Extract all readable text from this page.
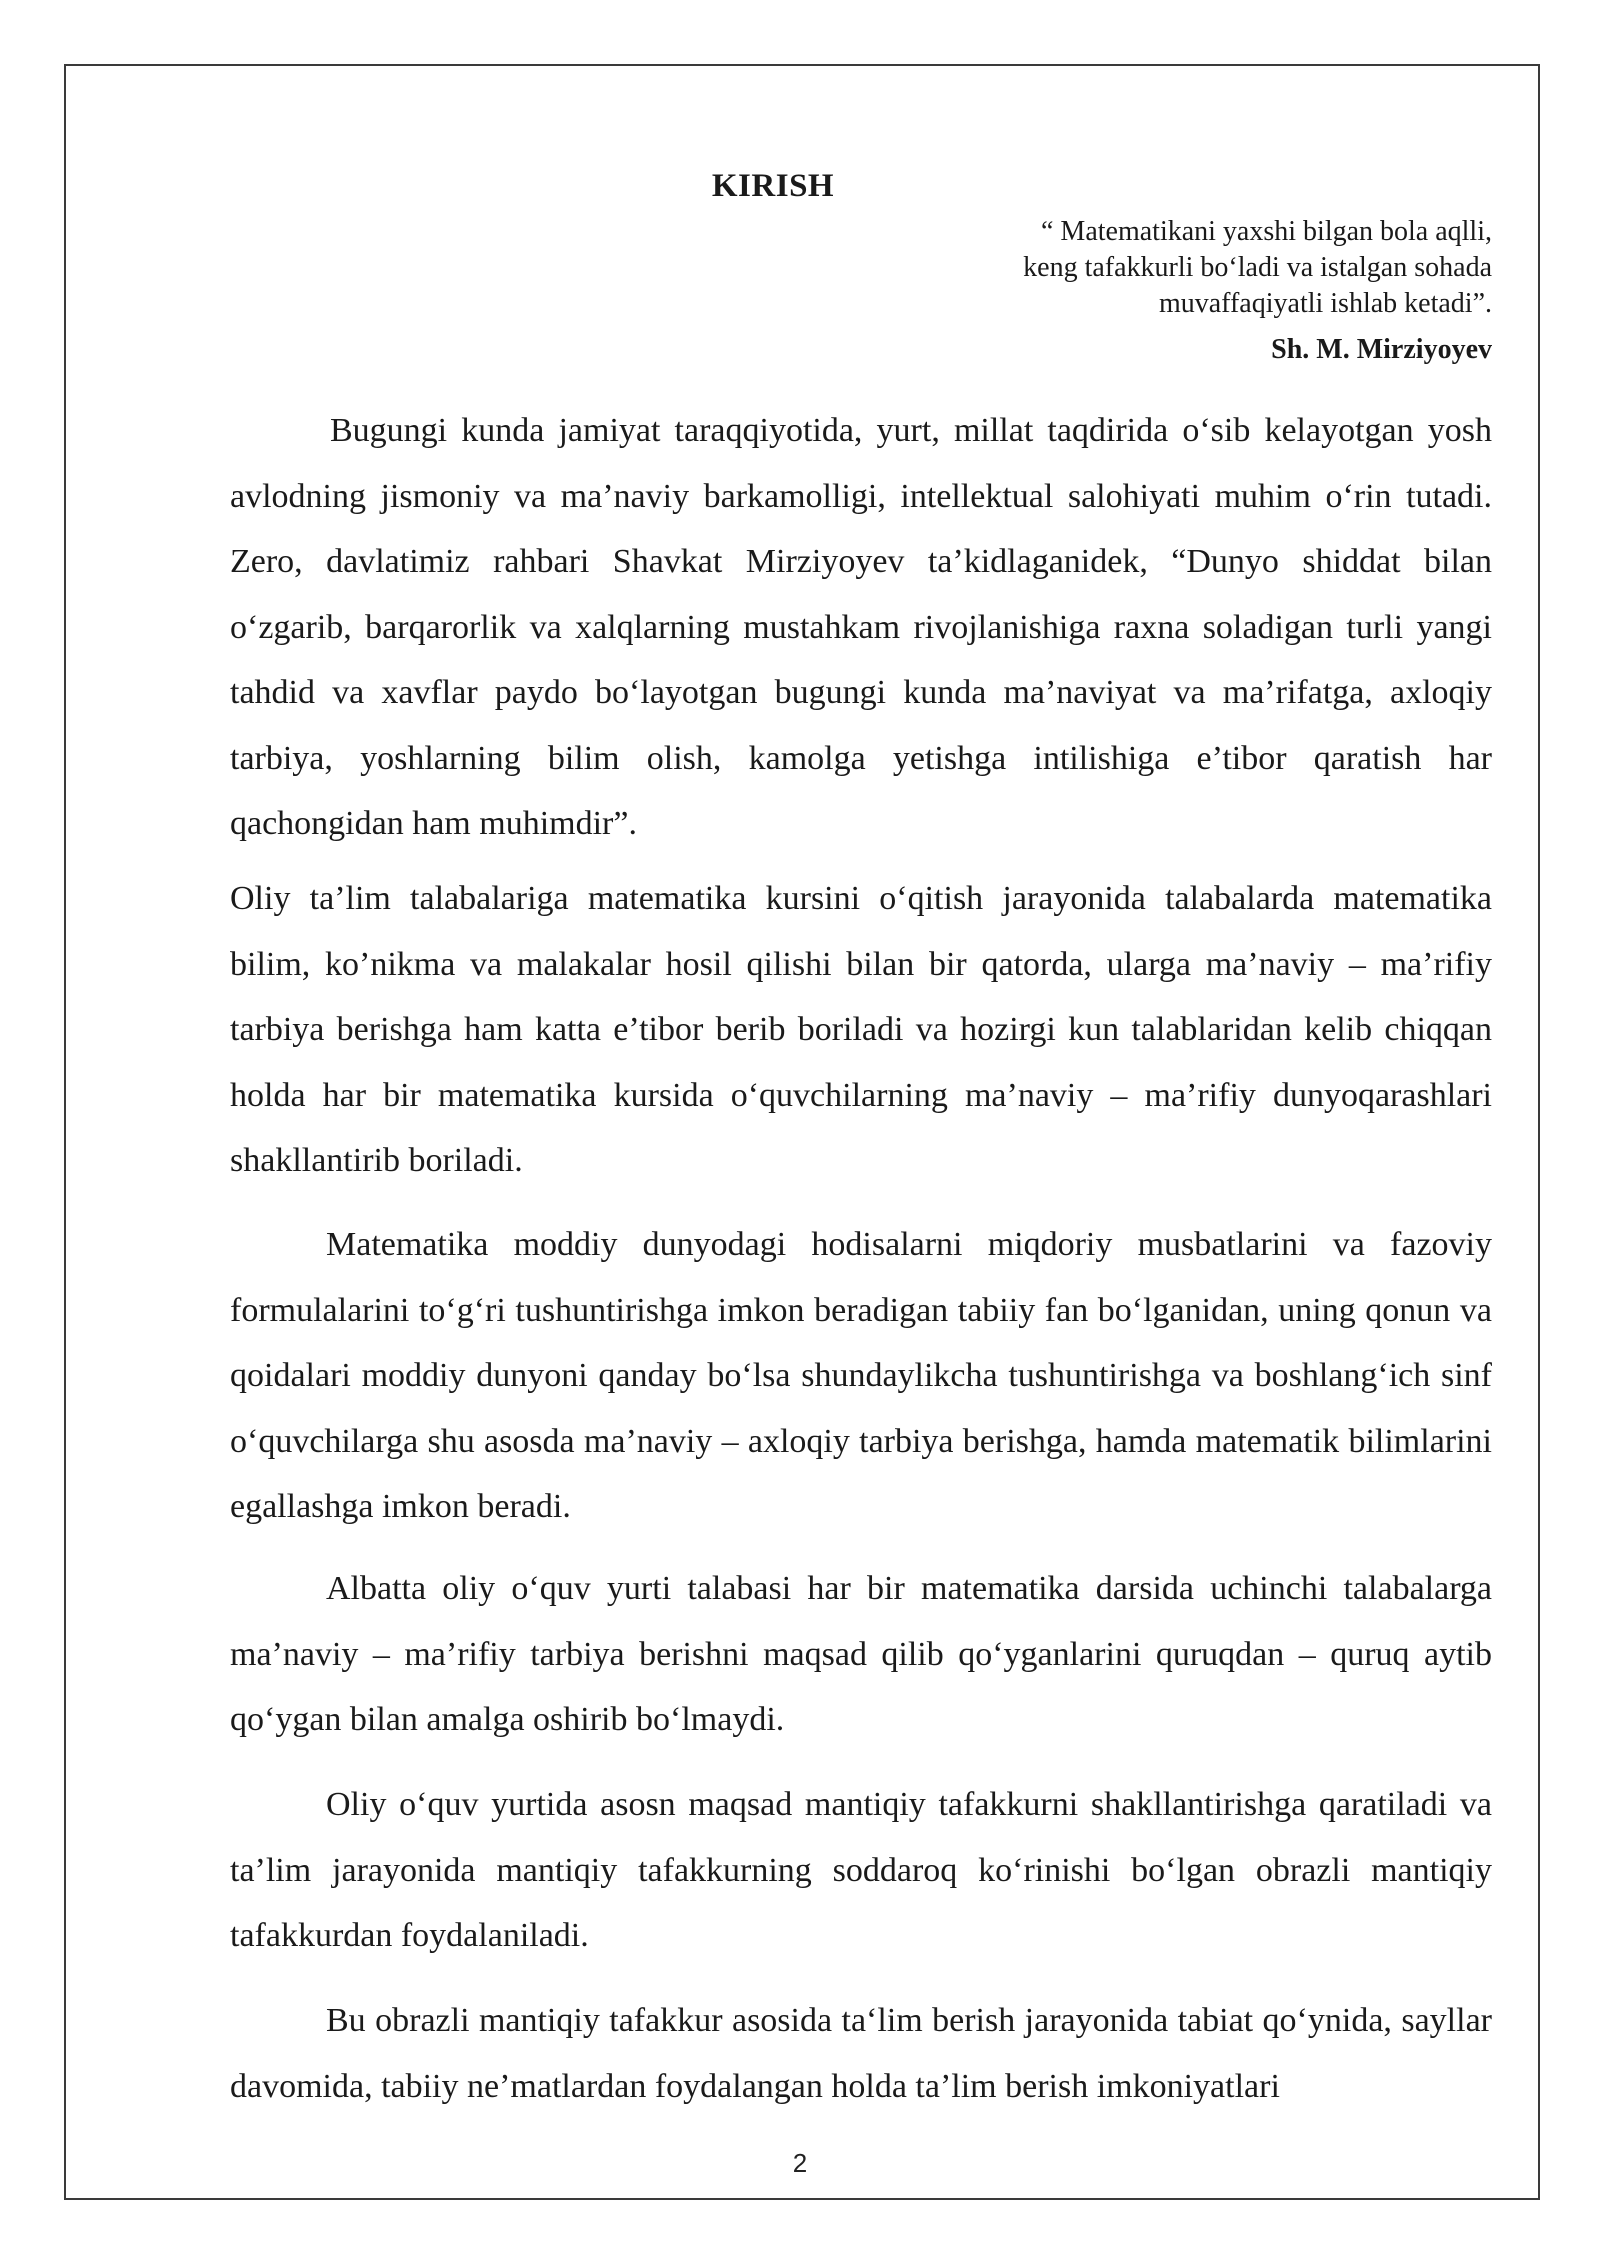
KIRISH
“ Matematikani yaxshi bilgan bola aqlli,
keng tafakkurli bo‘ladi va istalgan sohada
muvaffaqiyatli ishlab ketadi”.
Sh. M. Mirziyoyev

Bugungi kunda jamiyat taraqqiyotida, yurt, millat taqdirida o‘sib kelayotgan yosh avlodning jismoniy va ma’naviy barkamolligi, intellektual salohiyati muhim o‘rin tutadi. Zero, davlatimiz rahbari Shavkat Mirziyoyev ta’kidlaganidek, “Dunyo shiddat bilan o‘zgarib, barqarorlik va xalqlarning mustahkam rivojlanishiga raxna soladigan turli yangi tahdid va xavflar paydo bo‘layotgan bugungi kunda ma’naviyat va ma’rifatga, axloqiy tarbiya, yoshlarning bilim olish, kamolga yetishga intilishiga e’tibor qaratish har qachongidan ham muhimdir”.

Oliy ta’lim talabalariga matematika kursini o‘qitish jarayonida talabalarda matematika bilim, ko’nikma va malakalar hosil qilishi bilan bir qatorda, ularga ma’naviy – ma’rifiy tarbiya berishga ham katta e’tibor berib boriladi va hozirgi kun talablaridan kelib chiqqan holda har bir matematika kursida o‘quvchilarning ma’naviy – ma’rifiy dunyoqarashlari shakllantirib boriladi.

Matematika moddiy dunyodagi hodisalarni miqdoriy musbatlarini va fazoviy formulalarini to‘g‘ri tushuntirishga imkon beradigan tabiiy fan bo‘lganidan, uning qonun va qoidalari moddiy dunyoni qanday bo‘lsa shundaylikcha tushuntirishga va boshlang‘ich sinf o‘quvchilarga shu asosda ma’naviy – axloqiy tarbiya berishga, hamda matematik bilimlarini egallashga imkon beradi.

Albatta oliy o‘quv yurti talabasi har bir matematika darsida uchinchi talabalarga ma’naviy – ma’rifiy tarbiya berishni maqsad qilib qo‘yganlarini quruqdan – quruq aytib qo‘ygan bilan amalga oshirib bo‘lmaydi.

Oliy o‘quv yurtida asosn maqsad mantiqiy tafakkurni shakllantirishga qaratiladi va ta’lim jarayonida mantiqiy tafakkurning soddaroq ko‘rinishi bo‘lgan obrazli mantiqiy tafakkurdan foydalaniladi.

Bu obrazli mantiqiy tafakkur asosida ta‘lim berish jarayonida tabiat qo‘ynida, sayllar davomida, tabiiy ne’matlardan foydalangan holda ta’lim berish imkoniyatlari

2
